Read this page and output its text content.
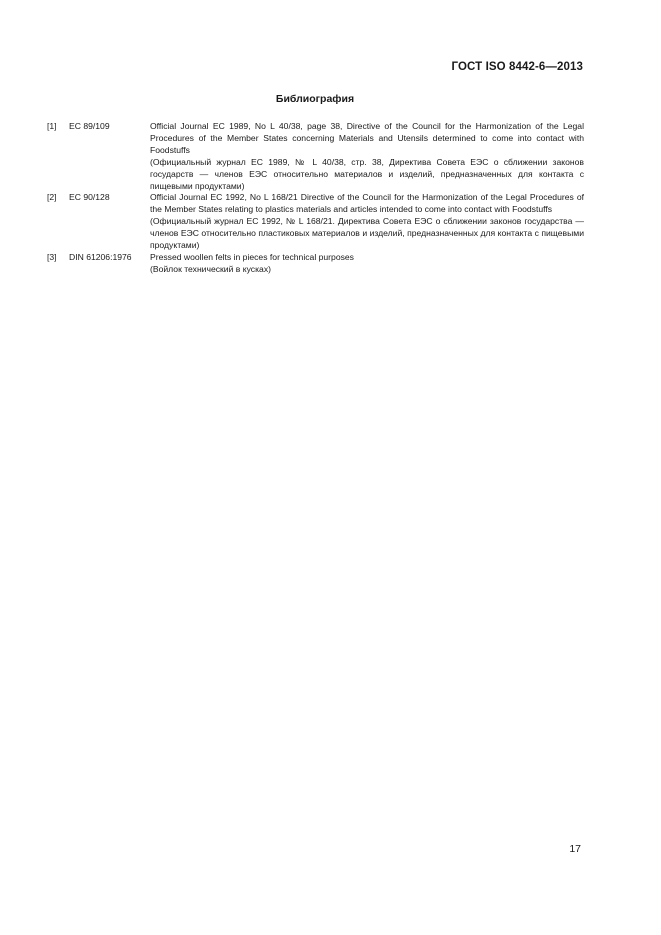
ГОСТ ISO 8442-6—2013
Библиография
[1]	EC 89/109	Official Journal EC 1989, No L 40/38, page 38, Directive of the Council for the Harmonization of the Legal Procedures of the Member States concerning Materials and Utensils determined to come into contact with Foodstuffs
(Официальный журнал EC 1989, № L 40/38, стр. 38, Директива Совета ЕЭС о сближении законов государств — членов ЕЭС относительно материалов и изделий, предназначенных для контакта с пищевыми продуктами)
[2]	EC 90/128	Official Journal EC 1992, No L 168/21 Directive of the Council for the Harmonization of the Legal Procedures of the Member States relating to plastics materials and articles intended to come into contact with Foodstuffs
(Официальный журнал EC 1992, № L 168/21. Директива Совета ЕЭС о сближении законов государства — членов ЕЭС относительно пластиковых материалов и изделий, предназначенных для контакта с пищевыми продуктами)
[3]	DIN 61206:1976	Pressed woollen felts in pieces for technical purposes
(Войлок технический в кусках)
17
